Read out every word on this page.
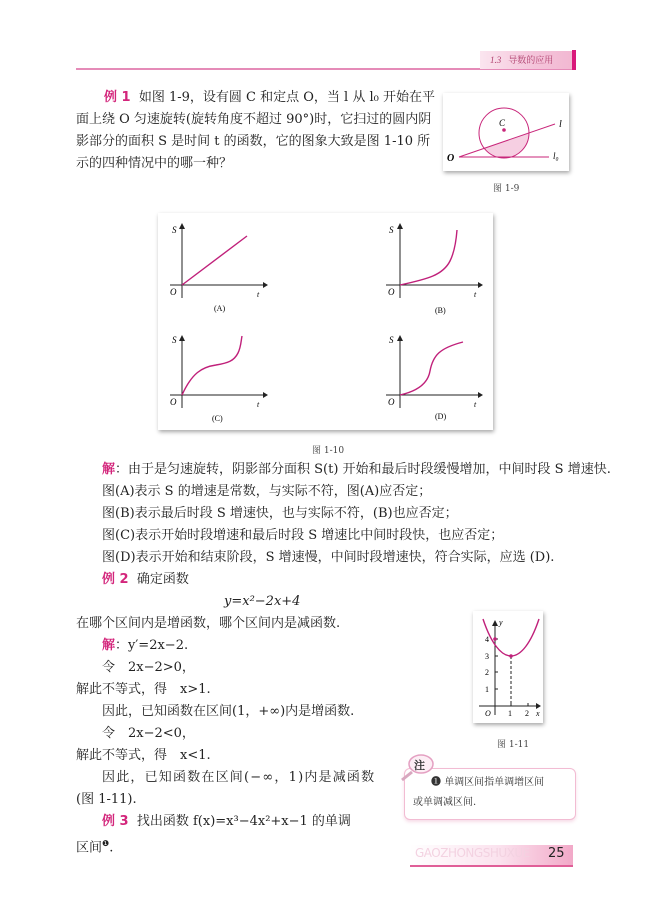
1.3 导数的应用
例 1 如图 1-9，设有圆 C 和定点 O，当 l 从 l₀ 开始在平
面上绕 O 匀速旋转(旋转角度不超过 90°)时，它扫过的圆内阴
影部分的面积 S 是时间 t 的函数，它的图象大致是图 1-10 所
示的四种情况中的哪一种？
C
O
l
l₀
图 1-9
S
O	t
(A)
S
O	t
(B)
S
O	t
(C)
S
O	t
(D)
图 1-10
解：由于是匀速旋转，阴影部分面积 S(t) 开始和最后时段缓慢增加，中间时段 S 增速快.
图(A)表示 S 的增速是常数，与实际不符，图(A)应否定；
图(B)表示最后时段 S 增速快，也与实际不符，(B)也应否定；
图(C)表示开始时段增速和最后时段 S 增速比中间时段快，也应否定；
图(D)表示开始和结束阶段，S 增速慢，中间时段增速快，符合实际，应选 (D).
例 2 确定函数
y=x²−2x+4
在哪个区间内是增函数，哪个区间内是减函数.
解：y′=2x−2.
令　2x−2>0，
解此不等式，得　x>1.
因此，已知函数在区间(1，+∞)内是增函数.
令　2x−2<0，
解此不等式，得　x<1.
因此，已知函数在区间(−∞，1)内是减函数
(图 1-11).
1
2
3
4
1 2
O	x
y
图 1-11
例 3 找出函数 f(x)=x³−4x²+x−1 的单调
区间$^❶$.
❶ 单调区间指单调增区间
或单调减区间.
注
GAOZHONGSHUXUE 25
